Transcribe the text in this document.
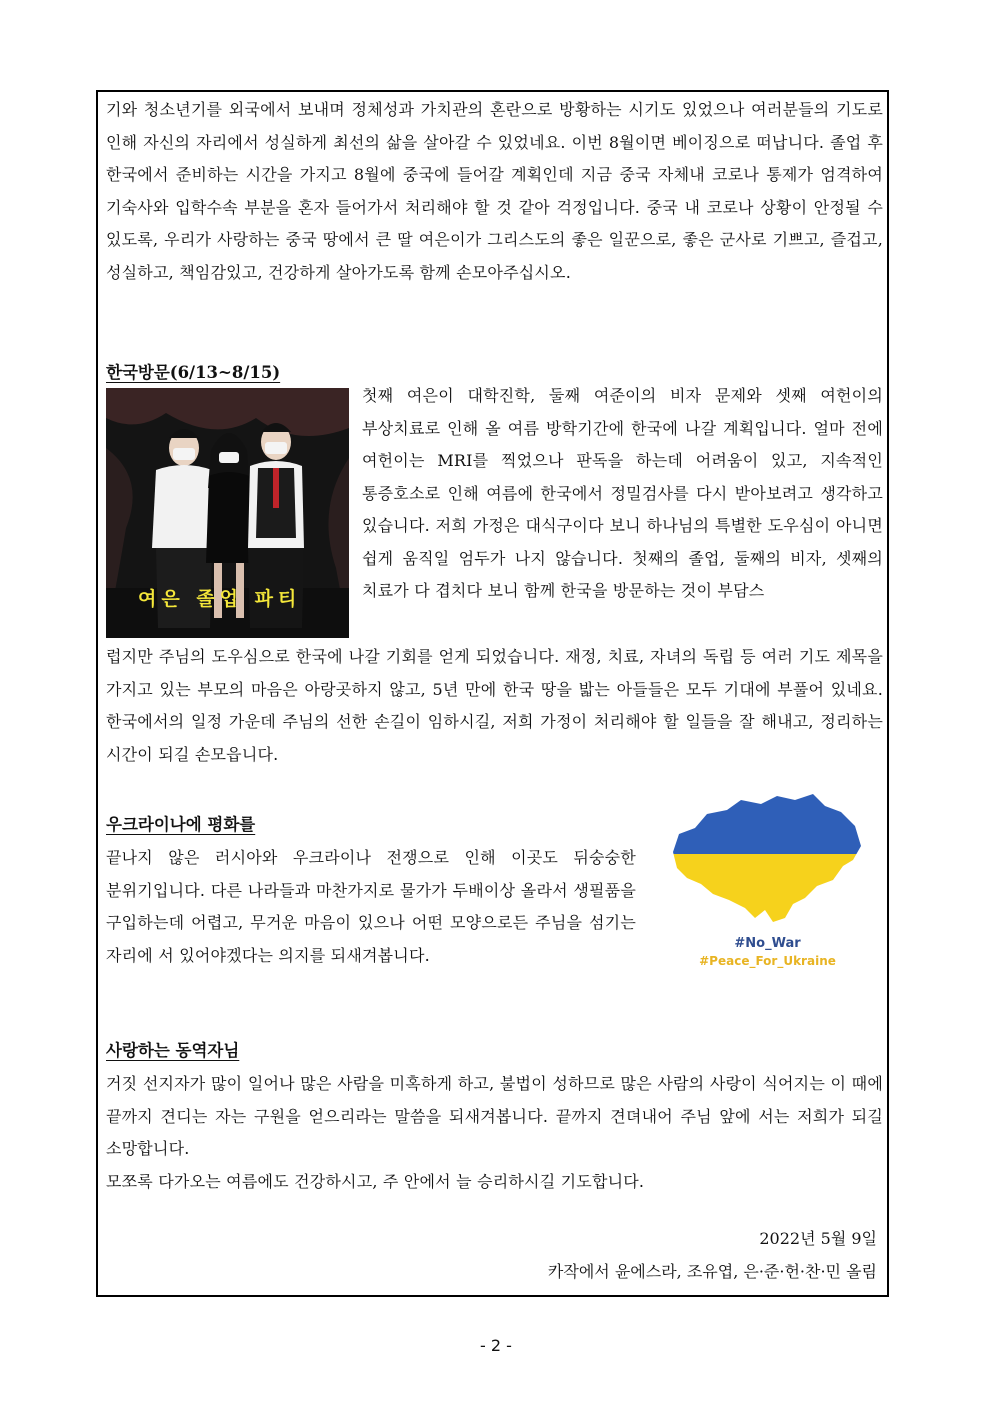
기와 청소년기를 외국에서 보내며 정체성과 가치관의 혼란으로 방황하는 시기도 있었으나 여러분들의 기도로 인해 자신의 자리에서 성실하게 최선의 삶을 살아갈 수 있었네요. 이번 8월이면 베이징으로 떠납니다. 졸업 후 한국에서 준비하는 시간을 가지고 8월에 중국에 들어갈 계획인데 지금 중국 자체내 코로나 통제가 엄격하여 기숙사와 입학수속 부분을 혼자 들어가서 처리해야 할 것 같아 걱정입니다. 중국 내 코로나 상황이 안정될 수 있도록, 우리가 사랑하는 중국 땅에서 큰 딸 여은이가 그리스도의 좋은 일꾼으로, 좋은 군사로 기쁘고, 즐겁고, 성실하고, 책임감있고, 건강하게 살아가도록 함께 손모아주십시오.
한국방문(6/13~8/15)
여은 졸업 파티
첫째 여은이 대학진학, 둘째 여준이의 비자 문제와 셋째 여헌이의 부상치료로 인해 올 여름 방학기간에 한국에 나갈 계획입니다. 얼마 전에 여헌이는 MRI를 찍었으나 판독을 하는데 어려움이 있고, 지속적인 통증호소로 인해 여름에 한국에서 정밀검사를 다시 받아보려고 생각하고 있습니다. 저희 가정은 대식구이다 보니 하나님의 특별한 도우심이 아니면 쉽게 움직일 엄두가 나지 않습니다. 첫째의 졸업, 둘째의 비자, 셋째의 치료가 다 겹치다 보니 함께 한국을 방문하는 것이 부담스
럽지만 주님의 도우심으로 한국에 나갈 기회를 얻게 되었습니다. 재정, 치료, 자녀의 독립 등 여러 기도 제목을 가지고 있는 부모의 마음은 아랑곳하지 않고, 5년 만에 한국 땅을 밟는 아들들은 모두 기대에 부풀어 있네요. 한국에서의 일정 가운데 주님의 선한 손길이 임하시길, 저희 가정이 처리해야 할 일들을 잘 해내고, 정리하는 시간이 되길 손모읍니다.
우크라이나에 평화를
끝나지 않은 러시아와 우크라이나 전쟁으로 인해 이곳도 뒤숭숭한 분위기입니다. 다른 나라들과 마찬가지로 물가가 두배이상 올라서 생필품을 구입하는데 어렵고, 무거운 마음이 있으나 어떤 모양으로든 주님을 섬기는 자리에 서 있어야겠다는 의지를 되새겨봅니다.
#No_War
#Peace_For_Ukraine
사랑하는 동역자님
거짓 선지자가 많이 일어나 많은 사람을 미혹하게 하고, 불법이 성하므로 많은 사람의 사랑이 식어지는 이 때에 끝까지 견디는 자는 구원을 얻으리라는 말씀을 되새겨봅니다. 끝까지 견뎌내어 주님 앞에 서는 저희가 되길 소망합니다.
모쪼록 다가오는 여름에도 건강하시고, 주 안에서 늘 승리하시길 기도합니다.
2022년 5월 9일
카작에서 윤에스라, 조유엽, 은·준·헌·찬·민 올림
- 2 -
